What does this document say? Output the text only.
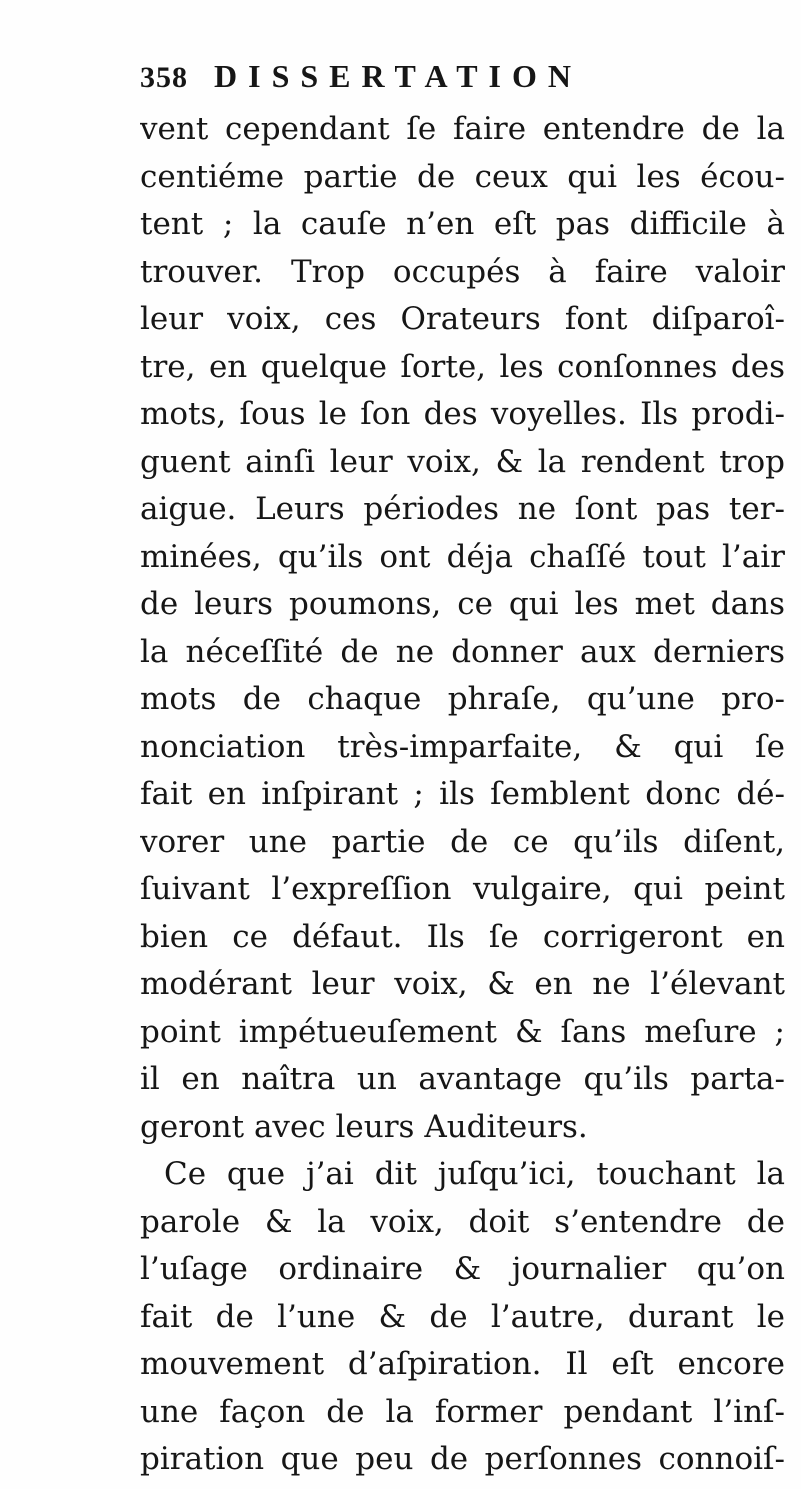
358 DISSERTATION
vent cependant ſe faire entendre de la
centiéme partie de ceux qui les écou-
tent ; la cauſe n’en eſt pas difficile à
trouver. Trop occupés à faire valoir
leur voix, ces Orateurs font diſparoî-
tre, en quelque ſorte, les conſonnes des
mots, ſous le ſon des voyelles. Ils prodi-
guent ainſi leur voix, & la rendent trop
aigue. Leurs périodes ne ſont pas ter-
minées, qu’ils ont déja chaſſé tout l’air
de leurs poumons, ce qui les met dans
la néceſſité de ne donner aux derniers
mots de chaque phraſe, qu’une pro-
nonciation très-imparfaite, & qui ſe
fait en inſpirant ; ils ſemblent donc dé-
vorer une partie de ce qu’ils diſent,
ſuivant l’expreſſion vulgaire, qui peint
bien ce défaut. Ils ſe corrigeront en
modérant leur voix, & en ne l’élevant
point impétueuſement & ſans meſure ;
il en naîtra un avantage qu’ils parta-
geront avec leurs Auditeurs.
Ce que j’ai dit juſqu’ici, touchant la
parole & la voix, doit s’entendre de
l’uſage ordinaire & journalier qu’on
fait de l’une & de l’autre, durant le
mouvement d’aſpiration. Il eſt encore
une façon de la former pendant l’inſ-
piration que peu de perſonnes connoiſ-
